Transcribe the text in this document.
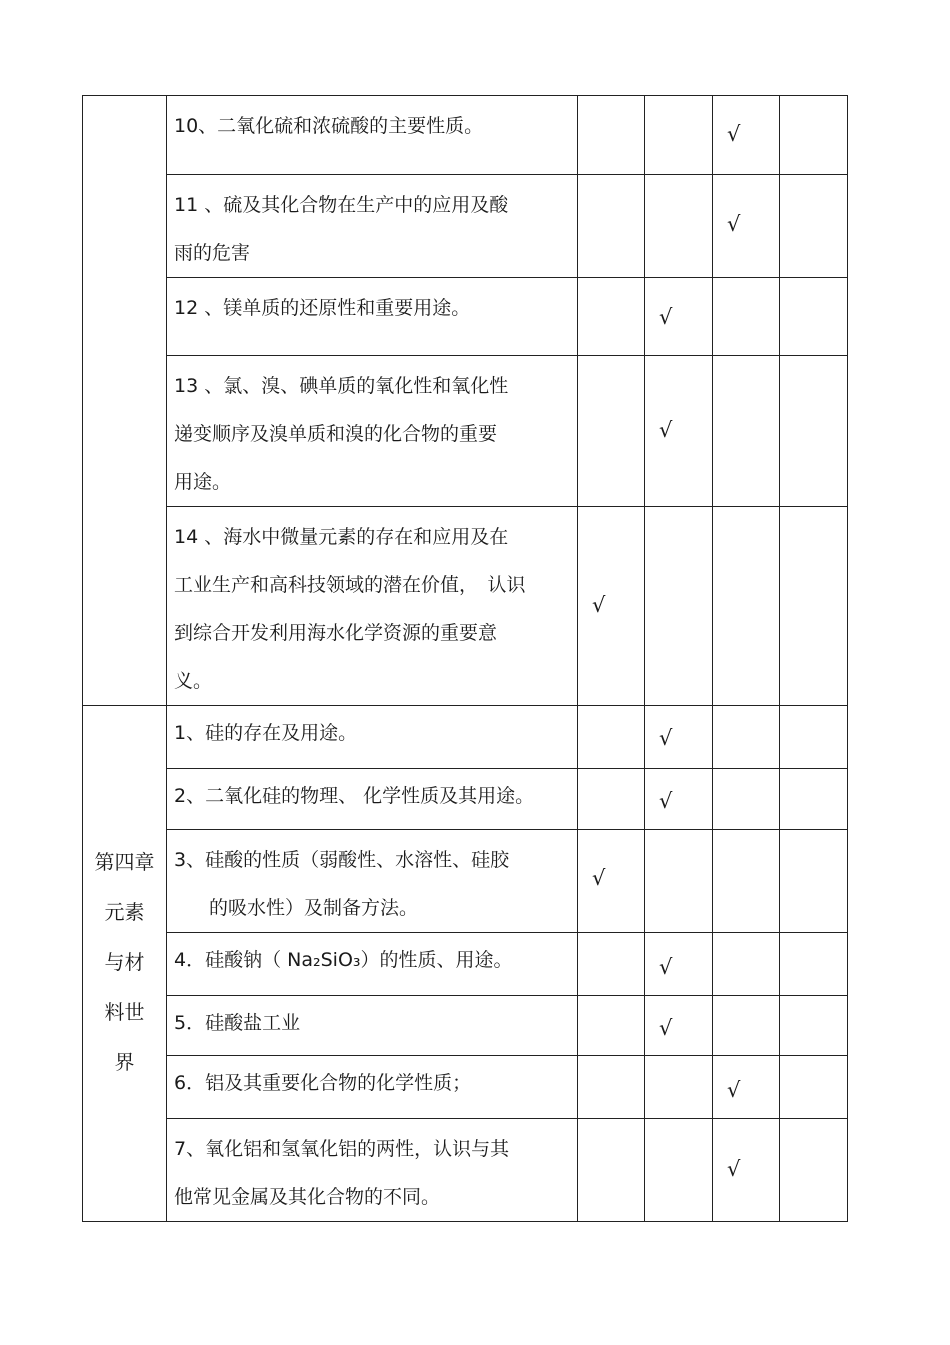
	10、二氧化硫和浓硫酸的主要性质。			√	

	11 、硫及其化合物在生产中的应用及酸
雨的危害			√	

	12 、镁单质的还原性和重要用途。		√		

	13 、氯、溴、碘单质的氧化性和氧化性
递变顺序及溴单质和溴的化合物的重要
用途。		√		

	14 、海水中微量元素的存在和应用及在
工业生产和高科技领域的潜在价值，　认识
到综合开发利用海水化学资源的重要意
义。	√			

第四章
元素
与材
料世
界	1、硅的存在及用途。		√		

	2、二氧化硅的物理、 化学性质及其用途。		√		

	3、硅酸的性质（弱酸性、水溶性、硅胶
的吸水性）及制备方法。	√			

	4．硅酸钠（ Na₂SiO₃）的性质、用途。		√		

	5．硅酸盐工业		√		

	6．铝及其重要化合物的化学性质；			√	

	7、氧化铝和氢氧化铝的两性，认识与其
他常见金属及其化合物的不同。			√	
